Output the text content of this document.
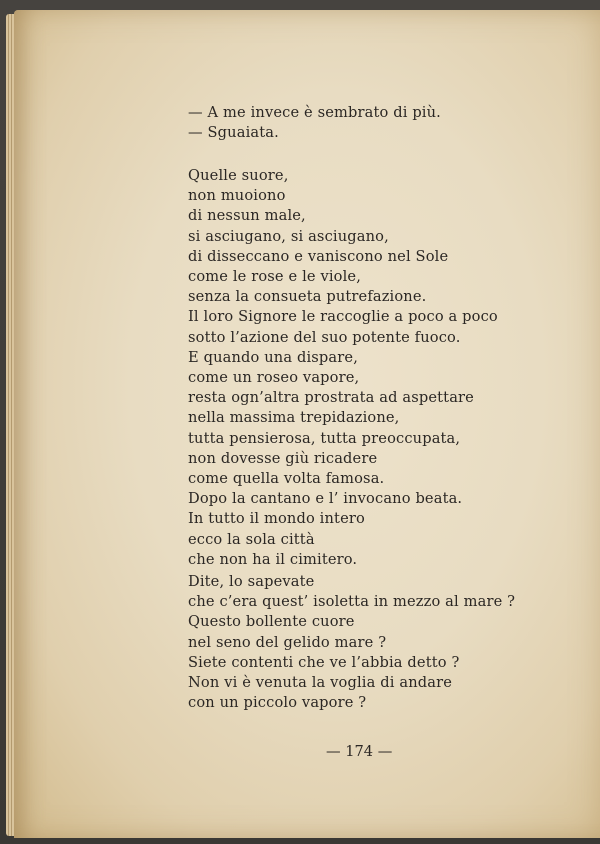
— A me invece è sembrato di più.
— Sguaiata.
Quelle suore,
non muoiono
di nessun male,
si asciugano, si asciugano,
di disseccano e vaniscono nel Sole
come le rose e le viole,
senza la consueta putrefazione.
Il loro Signore le raccoglie a poco a poco
sotto l’azione del suo potente fuoco.
E quando una dispare,
come un roseo vapore,
resta ogn’altra prostrata ad aspettare
nella massima trepidazione,
tutta pensierosa, tutta preoccupata,
non dovesse giù ricadere
come quella volta famosa.
Dopo la cantano e l’ invocano beata.
In tutto il mondo intero
ecco la sola città
che non ha il cimitero.
Dite, lo sapevate
che c’era quest’ isoletta in mezzo al mare ?
Questo bollente cuore
nel seno del gelido mare ?
Siete contenti che ve l’abbia detto ?
Non vi è venuta la voglia di andare
con un piccolo vapore ?
— 174 —
